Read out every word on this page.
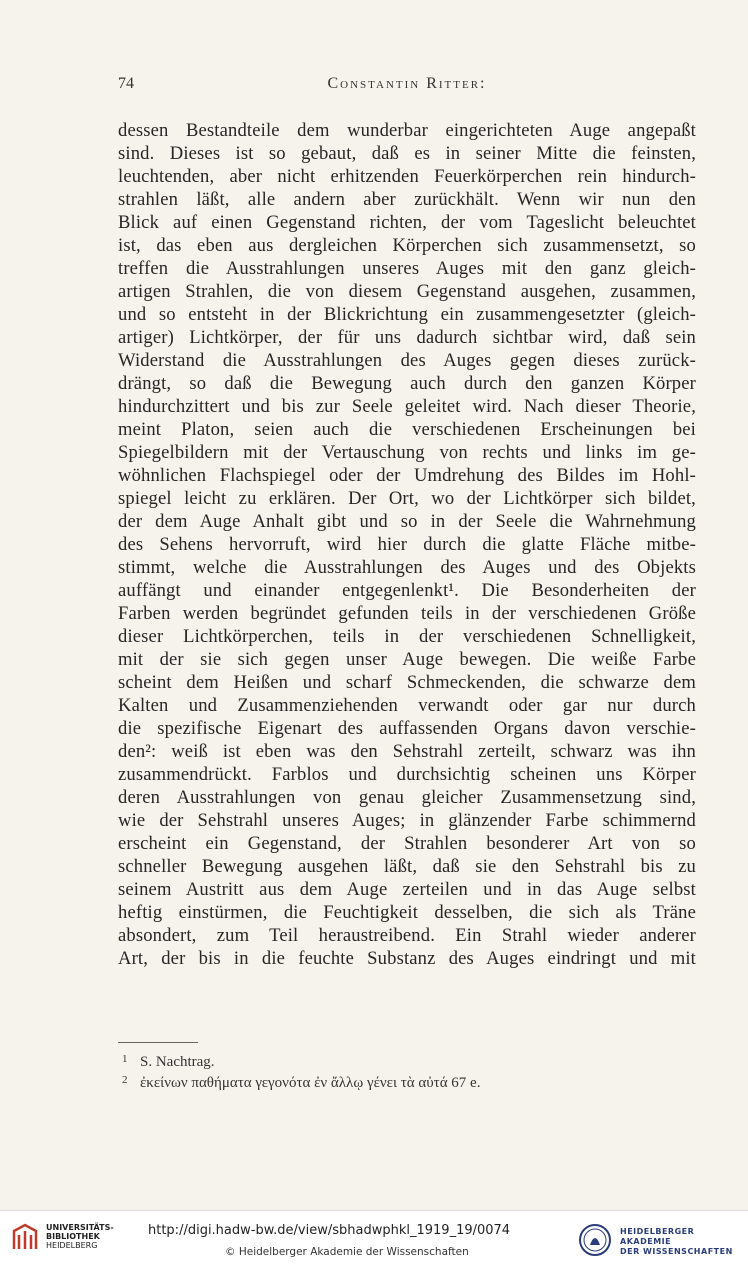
74	Constantin Ritter:
dessen Bestandteile dem wunderbar eingerichteten Auge angepaßt
sind. Dieses ist so gebaut, daß es in seiner Mitte die feinsten,
leuchtenden, aber nicht erhitzenden Feuerkörperchen rein hindurch-
strahlen läßt, alle andern aber zurückhält. Wenn wir nun den
Blick auf einen Gegenstand richten, der vom Tageslicht beleuchtet
ist, das eben aus dergleichen Körperchen sich zusammensetzt, so
treffen die Ausstrahlungen unseres Auges mit den ganz gleich-
artigen Strahlen, die von diesem Gegenstand ausgehen, zusammen,
und so entsteht in der Blickrichtung ein zusammengesetzter (gleich-
artiger) Lichtkörper, der für uns dadurch sichtbar wird, daß sein
Widerstand die Ausstrahlungen des Auges gegen dieses zurück-
drängt, so daß die Bewegung auch durch den ganzen Körper
hindurchzittert und bis zur Seele geleitet wird. Nach dieser Theorie,
meint Platon, seien auch die verschiedenen Erscheinungen bei
Spiegelbildern mit der Vertauschung von rechts und links im ge-
wöhnlichen Flachspiegel oder der Umdrehung des Bildes im Hohl-
spiegel leicht zu erklären. Der Ort, wo der Lichtkörper sich bildet,
der dem Auge Anhalt gibt und so in der Seele die Wahrnehmung
des Sehens hervorruft, wird hier durch die glatte Fläche mitbe-
stimmt, welche die Ausstrahlungen des Auges und des Objekts
auffängt und einander entgegenlenkt¹. Die Besonderheiten der
Farben werden begründet gefunden teils in der verschiedenen Größe
dieser Lichtkörperchen, teils in der verschiedenen Schnelligkeit,
mit der sie sich gegen unser Auge bewegen. Die weiße Farbe
scheint dem Heißen und scharf Schmeckenden, die schwarze dem
Kalten und Zusammenziehenden verwandt oder gar nur durch
die spezifische Eigenart des auffassenden Organs davon verschie-
den²: weiß ist eben was den Sehstrahl zerteilt, schwarz was ihn
zusammendrückt. Farblos und durchsichtig scheinen uns Körper
deren Ausstrahlungen von genau gleicher Zusammensetzung sind,
wie der Sehstrahl unseres Auges; in glänzender Farbe schimmernd
erscheint ein Gegenstand, der Strahlen besonderer Art von so
schneller Bewegung ausgehen läßt, daß sie den Sehstrahl bis zu
seinem Austritt aus dem Auge zerteilen und in das Auge selbst
heftig einstürmen, die Feuchtigkeit desselben, die sich als Träne
absondert, zum Teil heraustreibend. Ein Strahl wieder anderer
Art, der bis in die feuchte Substanz des Auges eindringt und mit
1 S. Nachtrag.
2 ἐκείνων παθήματα γεγονότα ἐν ἄλλῳ γένει τὰ αὐτά 67 e.
UNIVERSITÄTS-
BIBLIOTHEK
HEIDELBERG
http://digi.hadw-bw.de/view/sbhadwphkl_1919_19/0074
© Heidelberger Akademie der Wissenschaften
HEIDELBERGER AKADEMIE
DER WISSENSCHAFTEN
